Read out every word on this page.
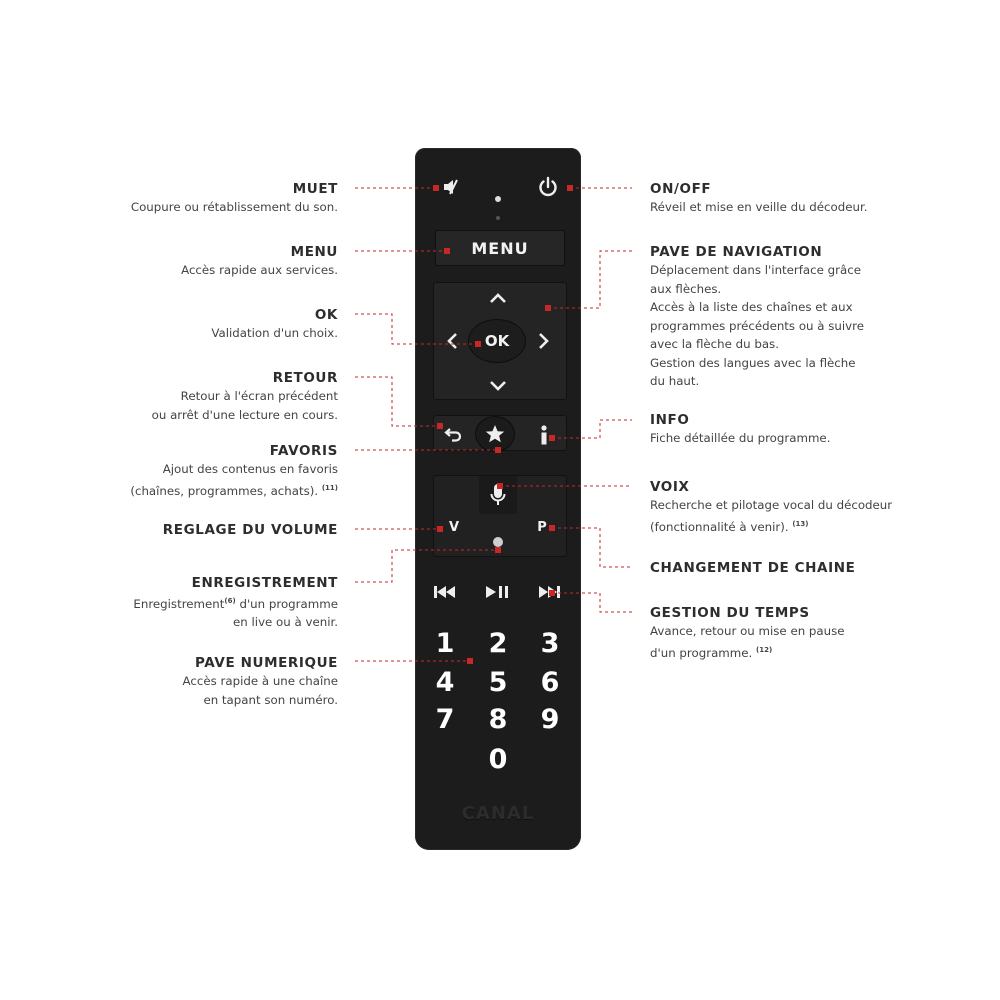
MUET
Coupure ou rétablissement du son.
MENU
Accès rapide aux services.
OK
Validation d'un choix.
RETOUR
Retour à l'écran précédent
ou arrêt d'une lecture en cours.
FAVORIS
Ajout des contenus en favoris
(chaînes, programmes, achats). $^{(11)}$
REGLAGE DU VOLUME
ENREGISTREMENT
Enregistrement$^{(6)}$ d'un programme
en live ou à venir.
PAVE NUMERIQUE
Accès rapide à une chaîne
en tapant son numéro.
ON/OFF
Réveil et mise en veille du décodeur.
PAVE DE NAVIGATION
Déplacement dans l'interface grâce
aux flèches.
Accès à la liste des chaînes et aux
programmes précédents ou à suivre
avec la flèche du bas.
Gestion des langues avec la flèche
du haut.
INFO
Fiche détaillée du programme.
VOIX
Recherche et pilotage vocal du décodeur
(fonctionnalité à venir). $^{(13)}$
CHANGEMENT DE CHAINE
GESTION DU TEMPS
Avance, retour ou mise en pause
d'un programme. $^{(12)}$
MENU
OK
V	P
1	2	3
4	5	6
7	8	9
0
CANAL
